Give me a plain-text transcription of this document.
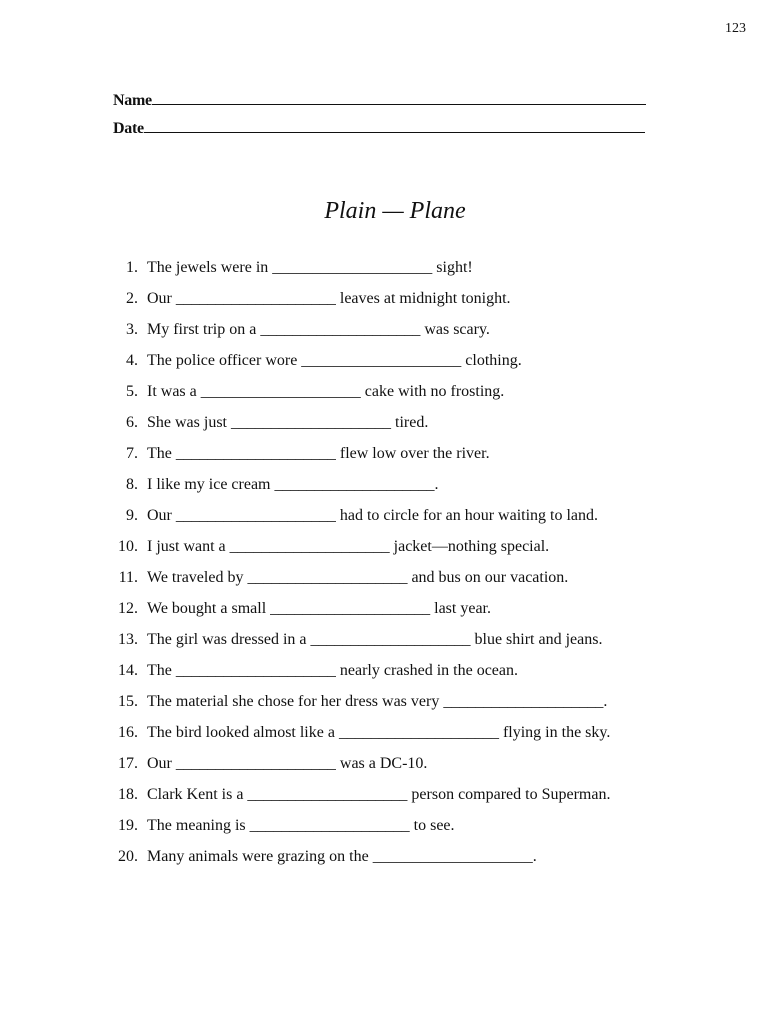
123
Name
Date
Plain — Plane
1. The jewels were in ____________________ sight!
2. Our ____________________ leaves at midnight tonight.
3. My first trip on a ____________________ was scary.
4. The police officer wore ____________________ clothing.
5. It was a ____________________ cake with no frosting.
6. She was just ____________________ tired.
7. The ____________________ flew low over the river.
8. I like my ice cream ____________________.
9. Our ____________________ had to circle for an hour waiting to land.
10. I just want a ____________________ jacket—nothing special.
11. We traveled by ____________________ and bus on our vacation.
12. We bought a small ____________________ last year.
13. The girl was dressed in a ____________________ blue shirt and jeans.
14. The ____________________ nearly crashed in the ocean.
15. The material she chose for her dress was very ____________________.
16. The bird looked almost like a ____________________ flying in the sky.
17. Our ____________________ was a DC-10.
18. Clark Kent is a ____________________ person compared to Superman.
19. The meaning is ____________________ to see.
20. Many animals were grazing on the ____________________.
